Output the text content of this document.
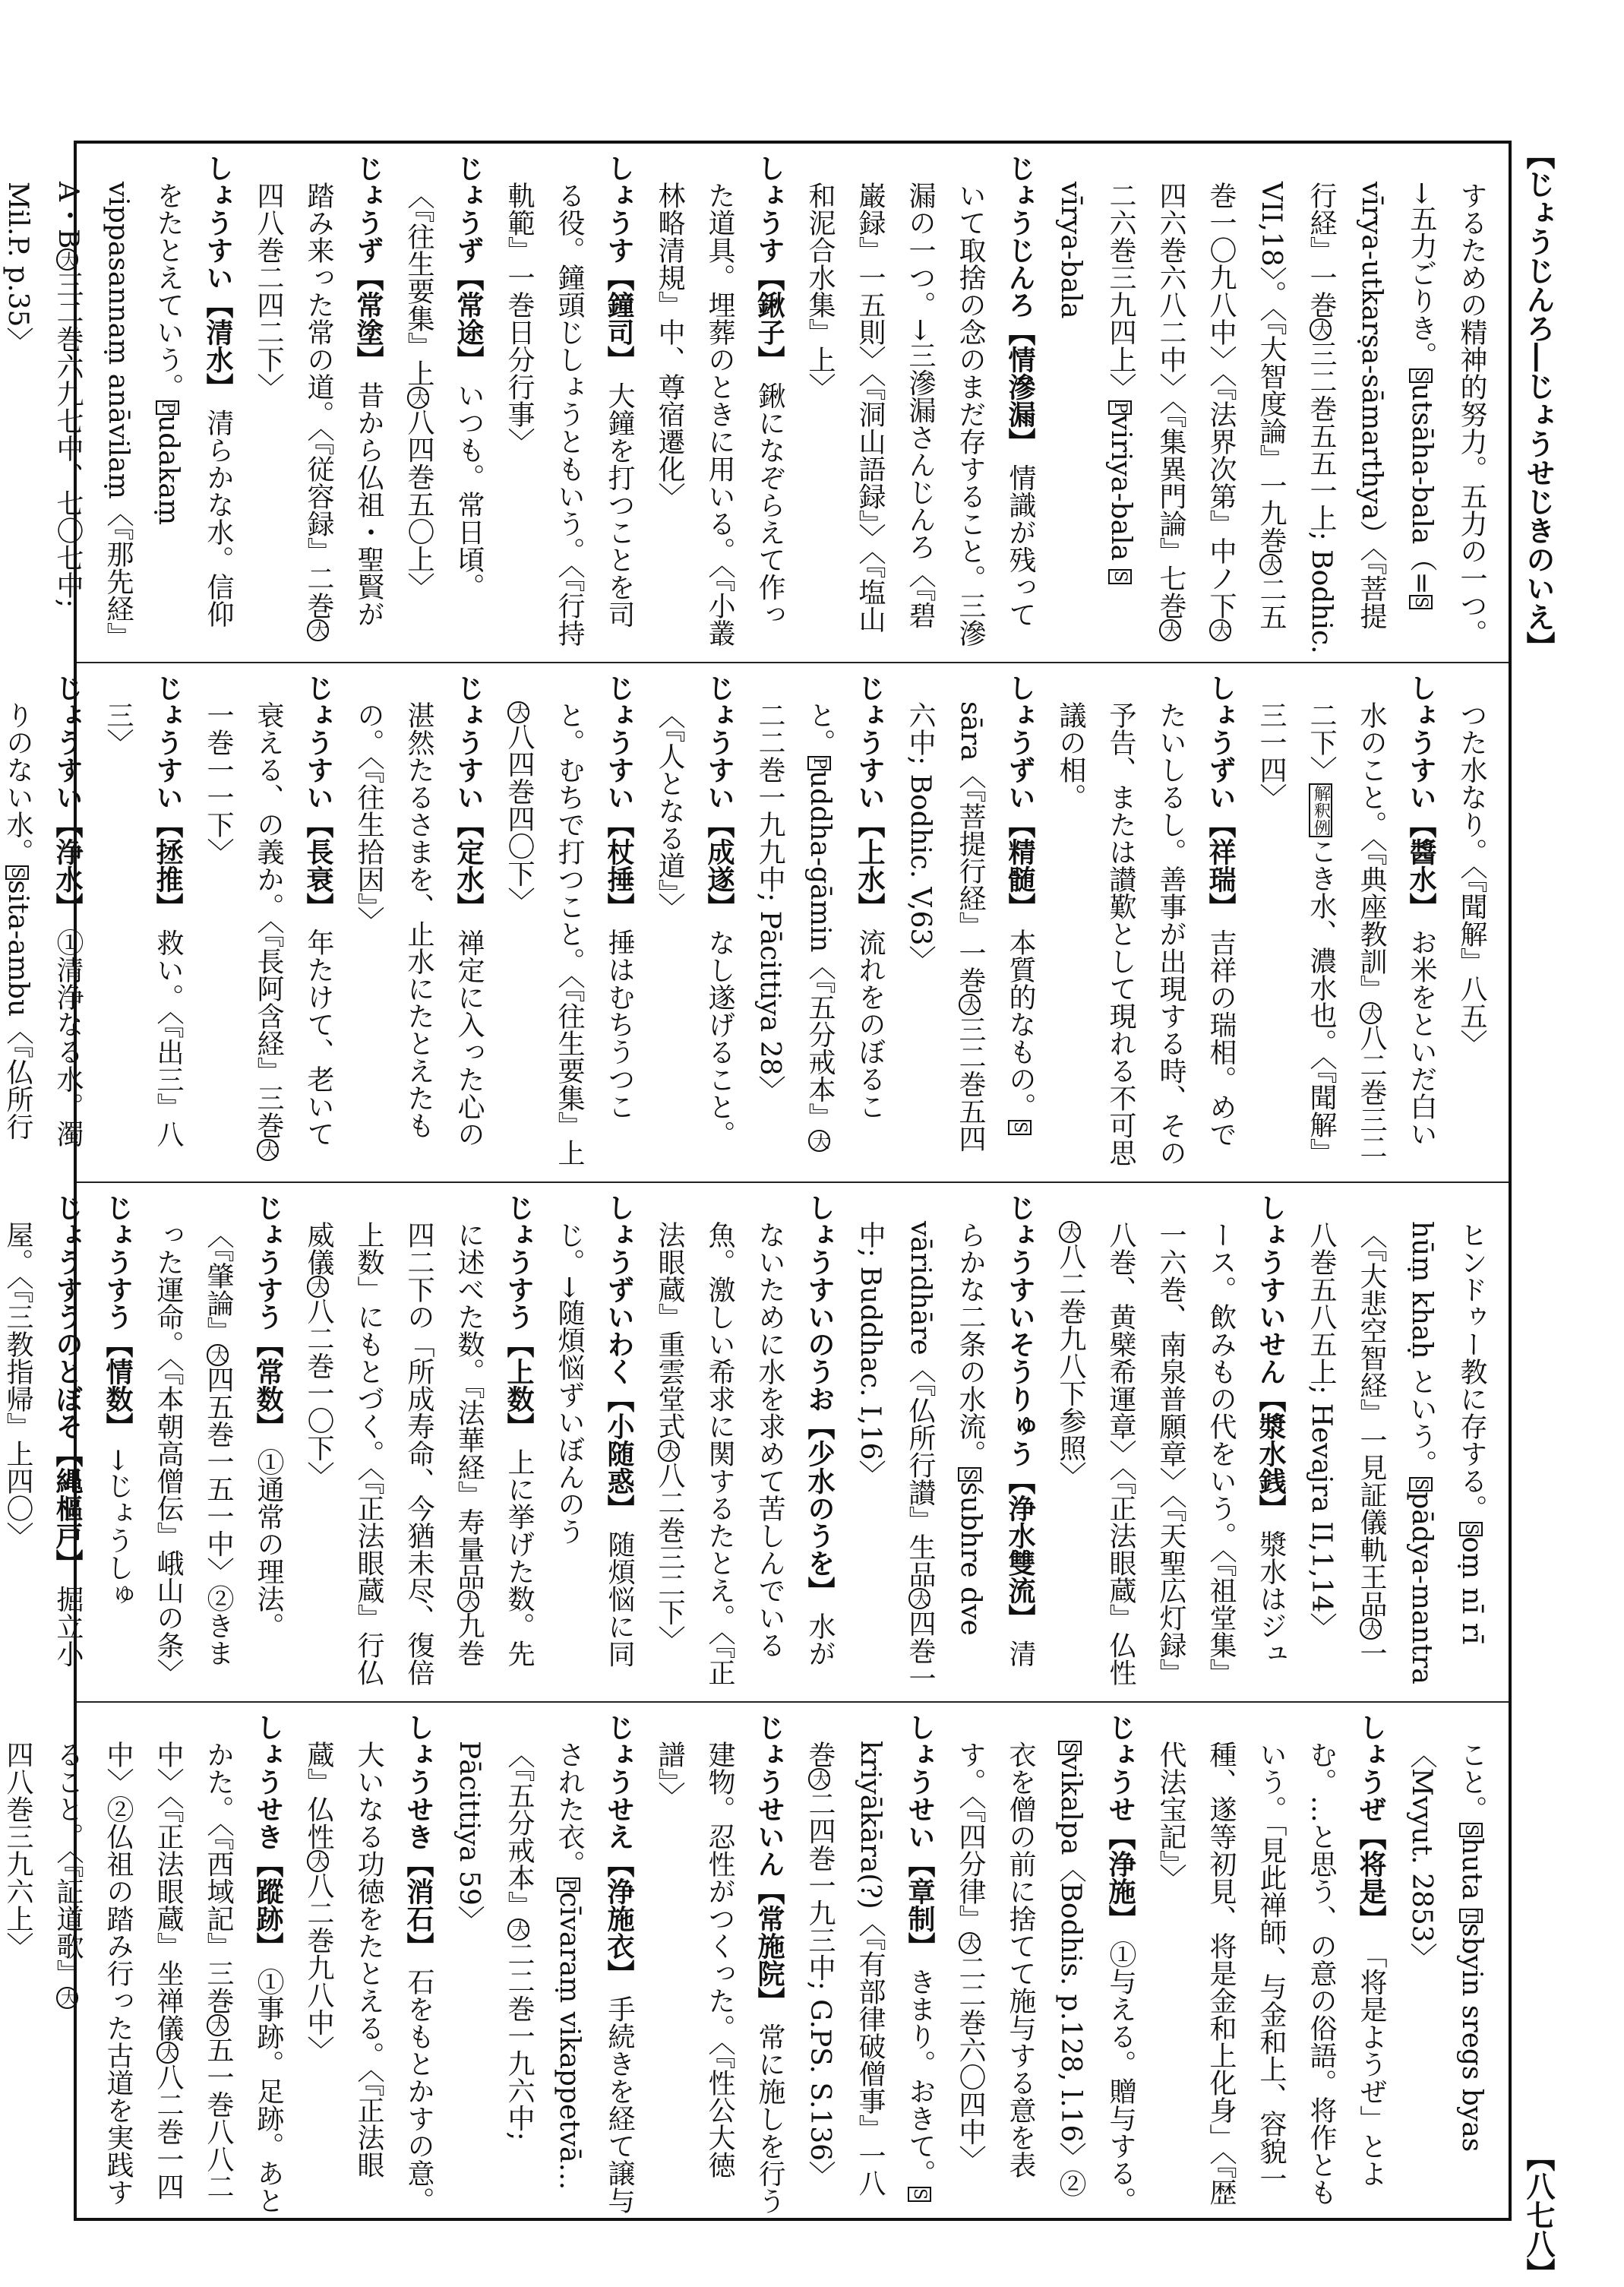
【じょうじんろ―じょうせじきのいえ】

するための精神的努力。五力の一つ。→五力ごりき。Sutsāha-bala（=Svīrya-utkarṣa-sāmarthya）〈『菩提行経』一巻大三二巻五五一上; Bodhic. VII,18〉。〈『大智度論』一九巻大二五巻一〇九八中〉〈『法界次第』中ノ下大四六巻六八二中〉〈『集異門論』七巻大二六巻三九四上〉Pviriya-bala Svīrya-bala

じょうじんろ【情滲漏】 情識が残っていて取捨の念のまだ存すること。三滲漏の一つ。→三滲漏さんじんろ〈『碧巌録』一五則〉〈『洞山語録』〉〈『塩山和泥合水集』上〉

しょうす【鍬子】 鍬になぞらえて作った道具。埋葬のときに用いる。〈『小叢林略清規』中、尊宿遷化〉

しょうす【鐘司】 大鐘を打つことを司る役。鐘頭じしょうともいう。〈『行持軌範』一巻日分行事〉

じょうず【常途】 いつも。常日頃。〈『往生要集』上大八四巻五〇上〉

じょうず【常塗】 昔から仏祖・聖賢が踏み来った常の道。〈『従容録』二巻大四八巻二四二下〉

しょうすい【清水】 清らかな水。信仰をたとえていう。Pudakaṃ vippasannaṃ anāvilaṃ〈『那先経』A・B大三二巻六九七中、七〇七中; Mil.P. p.35〉

つた水なり。〈『聞解』八五〉

しょうすい【醬水】 お米をといだ白い水のこと。〈『典座教訓』大八二巻三二二下〉解釈例こき水、濃水也。〈『聞解』三一四〉

しょうずい【祥瑞】 吉祥の瑞相。めでたいしるし。善事が出現する時、その予告、または讃歎として現れる不可思議の相。

しょうずい【精髄】 本質的なもの。Ssāra〈『菩提行経』一巻大三二巻五四六中; Bodhic. V,63〉

じょうすい【上水】 流れをのぼること。Puddha-gāmin〈『五分戒本』大二二巻一九九中; Pācittiya 28〉

じょうすい【成遂】 なし遂げること。〈『人となる道』〉

じょうすい【杖捶】 捶はむちうつこと。むちで打つこと。〈『往生要集』上大八四巻四〇下〉

じょうすい【定水】 禅定に入った心の湛然たるさまを、止水にたとえたもの。〈『往生拾因』〉

じょうすい【長衰】 年たけて、老いて衰える、の義か。〈『長阿含経』三巻大一巻一一下〉

じょうすい【拯推】 救い。〈『出三』八三〉

じょうすい【浄水】 ①清浄なる水。濁りのない水。Ssita-ambu〈『仏所行

ヒンドゥー教に存する。Soṃ nī rī hūṃ khaḥ という。Spādya-mantra〈『大悲空智経』一見証儀軌王品大一八巻五八五上; Hevajra II,1,14〉

しょうすいせん【漿水銭】 漿水はジュース。飲みもの代をいう。〈『祖堂集』一六巻、南泉普願章〉〈『天聖広灯録』八巻、黄檗希運章〉〈『正法眼蔵』仏性大八二巻九八下参照〉

じょうすいそうりゅう【浄水雙流】 清らかな二条の水流。Sśubhre dve vāridhāre〈『仏所行讃』生品大四巻一中; Buddhac. I,16〉

しょうすいのうお【少水のうを】 水がないために水を求めて苦しんでいる魚。激しい希求に関するたとえ。〈『正法眼蔵』重雲堂式大八二巻三二下〉

しょうずいわく【小随惑】 随煩悩に同じ。→随煩悩ずいぼんのう

じょうすう【上数】 上に挙げた数。先に述べた数。『法華経』寿量品大九巻四二下の「所成寿命、今猶未尽、復倍上数」にもとづく。〈『正法眼蔵』行仏威儀大八二巻一〇下〉

じょうすう【常数】 ①通常の理法。〈『肇論』大四五巻一五一中〉②きまった運命。〈『本朝高僧伝』峨山の条〉

じょうすう【情数】 →じょうしゅ

じょうすうのとぼそ【縄樞戸】 掘立小屋。〈『三教指帰』上四〇〉

こと。Shuta Tsbyin sregs byas〈Mvyut. 2853〉

しょうぜ【将是】 「将是ようぜ」とよむ。…と思う、の意の俗語。将作ともいう。「見此禅師、与金和上、容貌一種、遂等初見、将是金和上化身」〈『歴代法宝記』〉

じょうせ【浄施】 ①与える。贈与する。Svikalpa〈Bodhis. p.128, l.16〉②衣を僧の前に捨てて施与する意を表す。〈『四分律』大二二巻六〇四中〉

しょうせい【章制】 きまり。おきて。Skriyākāra(?)〈『有部律破僧事』一八巻大二四巻一九三中; G.PS. S.136〉

じょうせいん【常施院】 常に施しを行う建物。忍性がつくった。〈『性公大徳譜』〉

じょうせえ【浄施衣】 手続きを経て譲与された衣。Pcīvaraṃ vikappetvā…〈『五分戒本』大二二巻一九六中; Pācittiya 59〉

しょうせき【消石】 石をもとかすの意。大いなる功徳をたとえる。〈『正法眼蔵』仏性大八二巻九八中〉

しょうせき【蹤跡】 ①事跡。足跡。あとかた。〈『西域記』三巻大五一巻八八二中〉〈『正法眼蔵』坐禅儀大八二巻一四中〉②仏祖の踏み行った古道を実践すること。〈『証道歌』大四八巻三九六上〉

【八七八】
